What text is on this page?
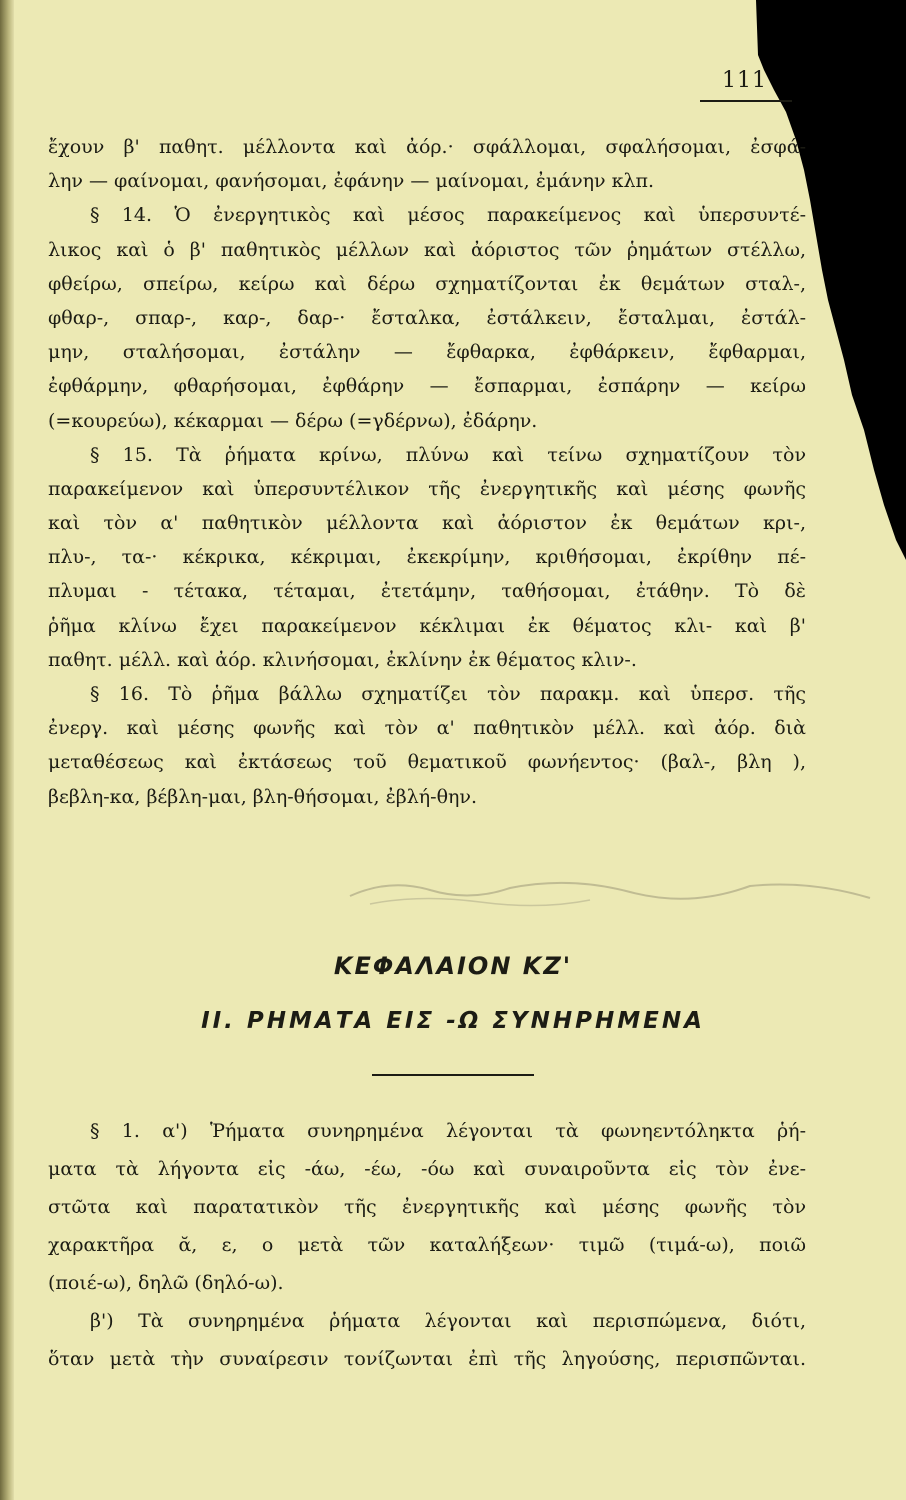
111
ἔχουν β' παθητ. μέλλοντα καὶ ἀόρ.· σφάλλομαι, σφαλήσομαι, ἐσφά-
λην — φαίνομαι, φανήσομαι, ἐφάνην — μαίνομαι, ἐμάνην κλπ.
§ 14. Ὁ ἐνεργητικὸς καὶ μέσος παρακείμενος καὶ ὑπερσυντέ-
λικος καὶ ὁ β' παθητικὸς μέλλων καὶ ἀόριστος τῶν ῥημάτων στέλλω,
φθείρω, σπείρω, κείρω καὶ δέρω σχηματίζονται ἐκ θεμάτων σταλ-,
φθαρ-, σπαρ-, καρ-, δαρ-· ἔσταλκα, ἐστάλκειν, ἔσταλμαι, ἐστάλ-
μην, σταλήσομαι, ἐστάλην — ἔφθαρκα, ἐφθάρκειν, ἔφθαρμαι,
ἐφθάρμην, φθαρήσομαι, ἐφθάρην — ἔσπαρμαι, ἐσπάρην — κείρω
(=κουρεύω), κέκαρμαι — δέρω (=γδέρνω), ἐδάρην.
§ 15. Τὰ ῥήματα κρίνω, πλύνω καὶ τείνω σχηματίζουν τὸν
παρακείμενον καὶ ὑπερσυντέλικον τῆς ἐνεργητικῆς καὶ μέσης φωνῆς
καὶ τὸν α' παθητικὸν μέλλοντα καὶ ἀόριστον ἐκ θεμάτων κρι-,
πλυ-, τα-· κέκρικα, κέκριμαι, ἐκεκρίμην, κριθήσομαι, ἐκρίθην πέ-
πλυμαι - τέτακα, τέταμαι, ἐτετάμην, ταθήσομαι, ἐτάθην. Τὸ δὲ
ῥῆμα κλίνω ἔχει παρακείμενον κέκλιμαι ἐκ θέματος κλι- καὶ β'
παθητ. μέλλ. καὶ ἀόρ. κλινήσομαι, ἐκλίνην ἐκ θέματος κλιν-.
§ 16. Τὸ ῥῆμα βάλλω σχηματίζει τὸν παρακμ. καὶ ὑπερσ. τῆς
ἐνεργ. καὶ μέσης φωνῆς καὶ τὸν α' παθητικὸν μέλλ. καὶ ἀόρ. διὰ
μεταθέσεως καὶ ἐκτάσεως τοῦ θεματικοῦ φωνήεντος· (βαλ-, βλη ),
βεβλη-κα, βέβλη-μαι, βλη-θήσομαι, ἐβλή-θην.
ΚΕΦΑΛΑΙΟΝ ΚΖ'
ΙΙ. ΡΗΜΑΤΑ ΕΙΣ -Ω ΣΥΝΗΡΗΜΕΝΑ
§ 1. α') Ῥήματα συνηρημένα λέγονται τὰ φωνηεντόληκτα ῥή-
ματα τὰ λήγοντα εἰς -άω, -έω, -όω καὶ συναιροῦντα εἰς τὸν ἐνε-
στῶτα καὶ παρατατικὸν τῆς ἐνεργητικῆς καὶ μέσης φωνῆς τὸν
χαρακτῆρα ᾰ, ε, ο μετὰ τῶν καταλήξεων· τιμῶ (τιμά-ω), ποιῶ
(ποιέ-ω), δηλῶ (δηλό-ω).
β') Τὰ συνηρημένα ῥήματα λέγονται καὶ περισπώμενα, διότι,
ὅταν μετὰ τὴν συναίρεσιν τονίζωνται ἐπὶ τῆς ληγούσης, περισπῶνται.
